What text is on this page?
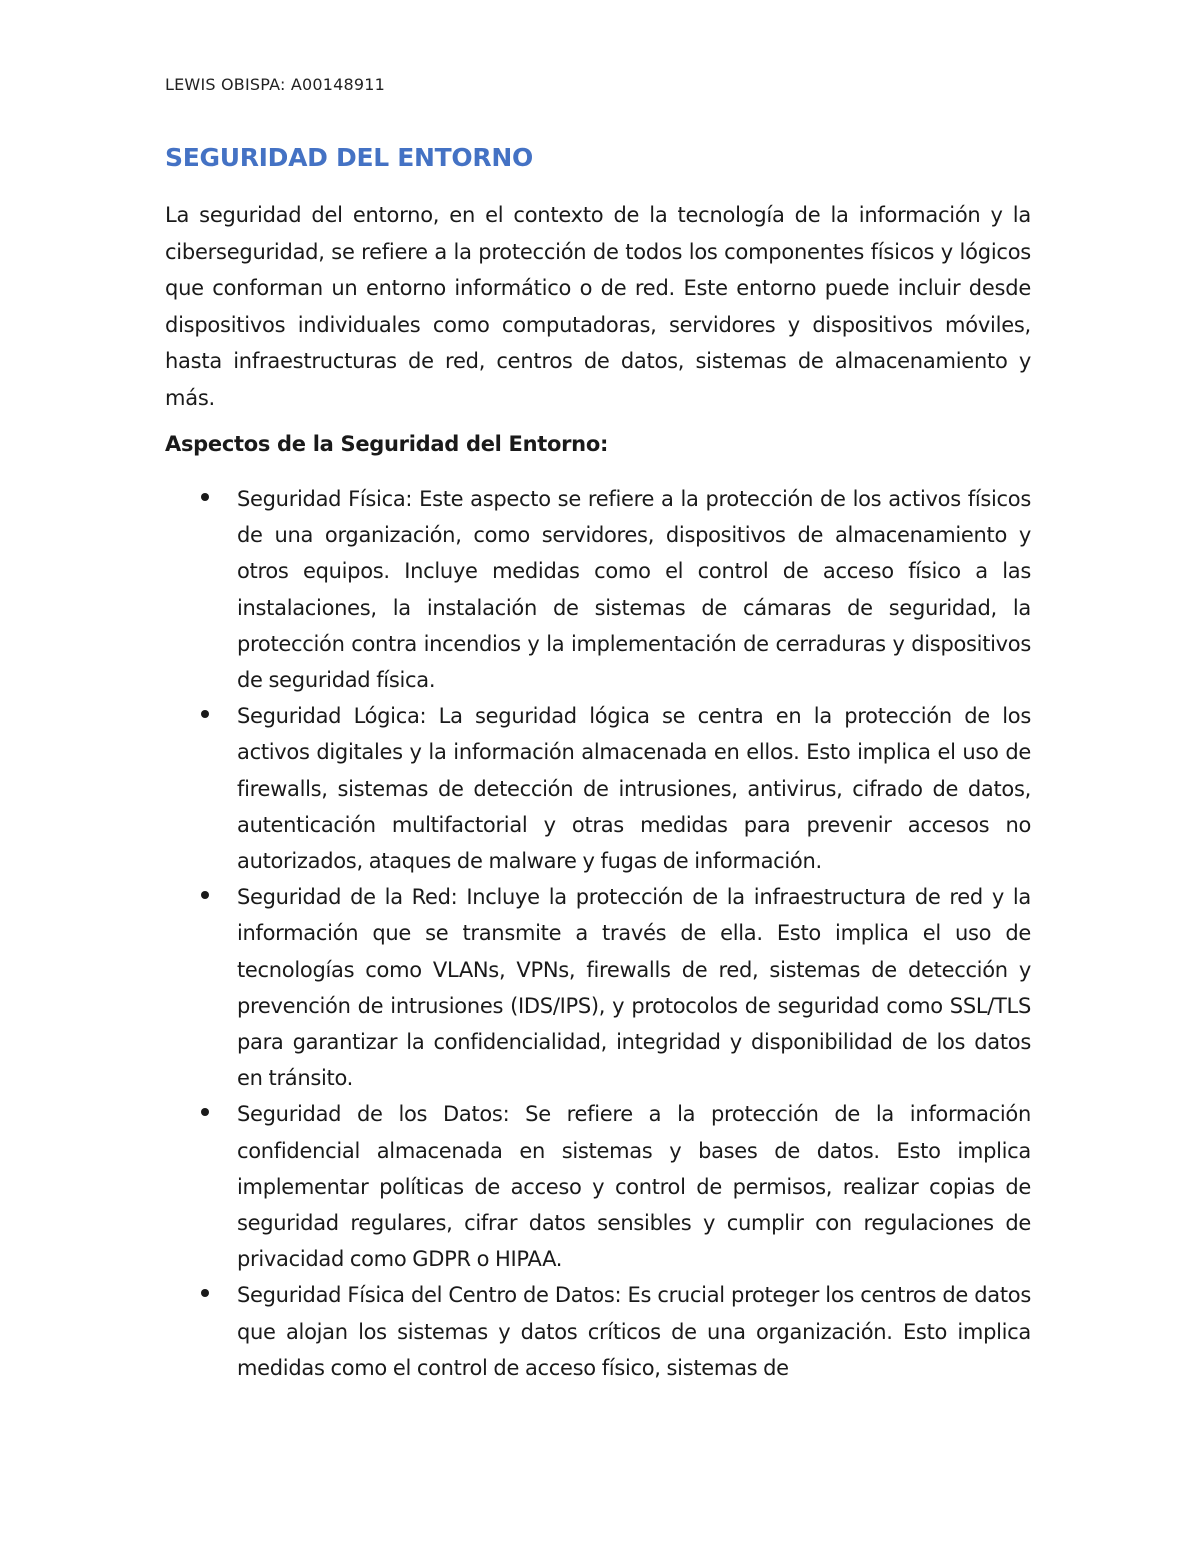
LEWIS OBISPA: A00148911
SEGURIDAD DEL ENTORNO

La seguridad del entorno, en el contexto de la tecnología de la información y la ciberseguridad, se refiere a la protección de todos los componentes físicos y lógicos que conforman un entorno informático o de red. Este entorno puede incluir desde dispositivos individuales como computadoras, servidores y dispositivos móviles, hasta infraestructuras de red, centros de datos, sistemas de almacenamiento y más.

Aspectos de la Seguridad del Entorno:
Seguridad Física: Este aspecto se refiere a la protección de los activos físicos de una organización, como servidores, dispositivos de almacenamiento y otros equipos. Incluye medidas como el control de acceso físico a las instalaciones, la instalación de sistemas de cámaras de seguridad, la protección contra incendios y la implementación de cerraduras y dispositivos de seguridad física.
Seguridad Lógica: La seguridad lógica se centra en la protección de los activos digitales y la información almacenada en ellos. Esto implica el uso de firewalls, sistemas de detección de intrusiones, antivirus, cifrado de datos, autenticación multifactorial y otras medidas para prevenir accesos no autorizados, ataques de malware y fugas de información.
Seguridad de la Red: Incluye la protección de la infraestructura de red y la información que se transmite a través de ella. Esto implica el uso de tecnologías como VLANs, VPNs, firewalls de red, sistemas de detección y prevención de intrusiones (IDS/IPS), y protocolos de seguridad como SSL/TLS para garantizar la confidencialidad, integridad y disponibilidad de los datos en tránsito.
Seguridad de los Datos: Se refiere a la protección de la información confidencial almacenada en sistemas y bases de datos. Esto implica implementar políticas de acceso y control de permisos, realizar copias de seguridad regulares, cifrar datos sensibles y cumplir con regulaciones de privacidad como GDPR o HIPAA.
Seguridad Física del Centro de Datos: Es crucial proteger los centros de datos que alojan los sistemas y datos críticos de una organización. Esto implica medidas como el control de acceso físico, sistemas de
